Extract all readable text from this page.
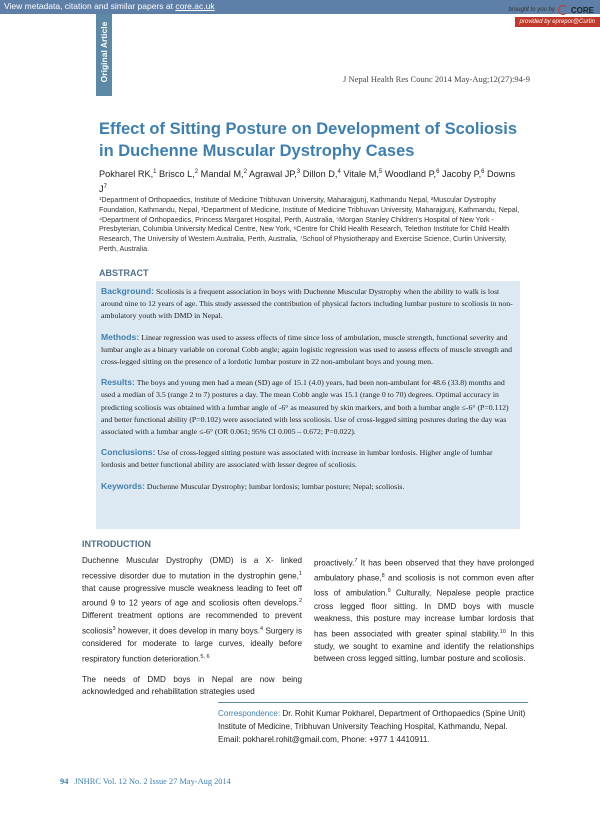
View metadata, citation and similar papers at core.ac.uk	brought to you by CORE
provided by eprepor@Curtin
Original Article	J Nepal Health Res Counc 2014 May-Aug;12(27):94-9
Effect of Sitting Posture on Development of Scoliosis in Duchenne Muscular Dystrophy Cases
Pokharel RK,$^1$ Brisco L,$^2$ Mandal M,$^2$ Agrawal JP,$^3$ Dillon D,$^4$ Vitale M,$^5$ Woodland P,$^6$ Jacoby P,$^6$ Downs $J^7$
¹Department of Orthopaedics, Institute of Medicine Tribhuvan University, Maharajgunj, Kathmandu Nepal, ²Muscular Dystrophy Foundation, Kathmandu, Nepal, ³Department of Medicine, Institute of Medicine Tribhuvan University, Maharajgunj, Kathmandu, Nepal, ⁴Department of Orthopaedics, Princess Margaret Hospital, Perth, Australia, ⁵Morgan Stanley Children's Hospital of New York - Presbyterian, Columbia University Medical Centre, New York, ⁶Centre for Child Health Research, Telethon Institute for Child Health Research, The University of Western Australia, Perth, Australia, ⁷School of Physiotherapy and Exercise Science, Curtin University, Perth, Australia.
ABSTRACT

Background: Scoliosis is a frequent association in boys with Duchenne Muscular Dystrophy when the ability to walk is lost around nine to 12 years of age. This study assessed the contribution of physical factors including lumbar posture to scoliosis in non-ambulatory youth with DMD in Nepal.

Methods: Linear regression was used to assess effects of time since loss of ambulation, muscle strength, functional severity and lumbar angle as a binary variable on coronal Cobb angle; again logistic regression was used to assess effects of muscle strength and cross-legged sitting on the presence of a lordotic lumbar posture in 22 non-ambulant boys and young men.

Results: The boys and young men had a mean (SD) age of 15.1 (4.0) years, had been non-ambulant for 48.6 (33.8) months and used a median of 3.5 (range 2 to 7) postures a day. The mean Cobb angle was 15.1 (range 0 to 70) degrees. Optimal accuracy in predicting scoliosis was obtained with a lumbar angle of -6° as measured by skin markers, and both a lumbar angle ≤-6° (P=0.112) and better functional ability (P=0.102) were associated with less scoliosis. Use of cross-legged sitting postures during the day was associated with a lumbar angle ≤-6° (OR 0.061; 95% CI 0.005 – 0.672; P=0.022).

Conclusions: Use of cross-legged sitting posture was associated with increase in lumbar lordosis. Higher angle of lumbar lordosis and better functional ability are associated with lesser degree of scoliosis.

Keywords: Duchenne Muscular Dystrophy; lumbar lordosis; lumbar posture; Nepal; scoliosis.

INTRODUCTION

Duchenne Muscular Dystrophy (DMD) is a X- linked recessive disorder due to mutation in the dystrophin gene,$^1$ that cause progressive muscle weakness leading to feet off around 9 to 12 years of age and scoliosis often develops.$^2$ Different treatment options are recommended to prevent scoliosis$^3$ however, it does develop in many boys.$^4$ Surgery is considered for moderate to large curves, ideally before respiratory function deterioration.$^{5, 6}$

The needs of DMD boys in Nepal are now being acknowledged and rehabilitation strategies used

proactively.$^7$ It has been observed that they have prolonged ambulatory phase,$^8$ and scoliosis is not common even after loss of ambulation.$^9$ Culturally, Nepalese people practice cross legged floor sitting. In DMD boys with muscle weakness, this posture may increase lumbar lordosis that has been associated with greater spinal stability.$^{10}$ In this study, we sought to examine and identify the relationships between cross legged sitting, lumbar posture and scoliosis.

Correspondence: Dr. Rohit Kumar Pokharel, Department of Orthopaedics (Spine Unit) Institute of Medicine, Tribhuvan University Teaching Hospital, Kathmandu, Nepal. Email: pokharel.rohit@gmail.com, Phone: +977 1 4410911.
94 JNHRC Vol. 12 No. 2 Issue 27 May-Aug 2014
